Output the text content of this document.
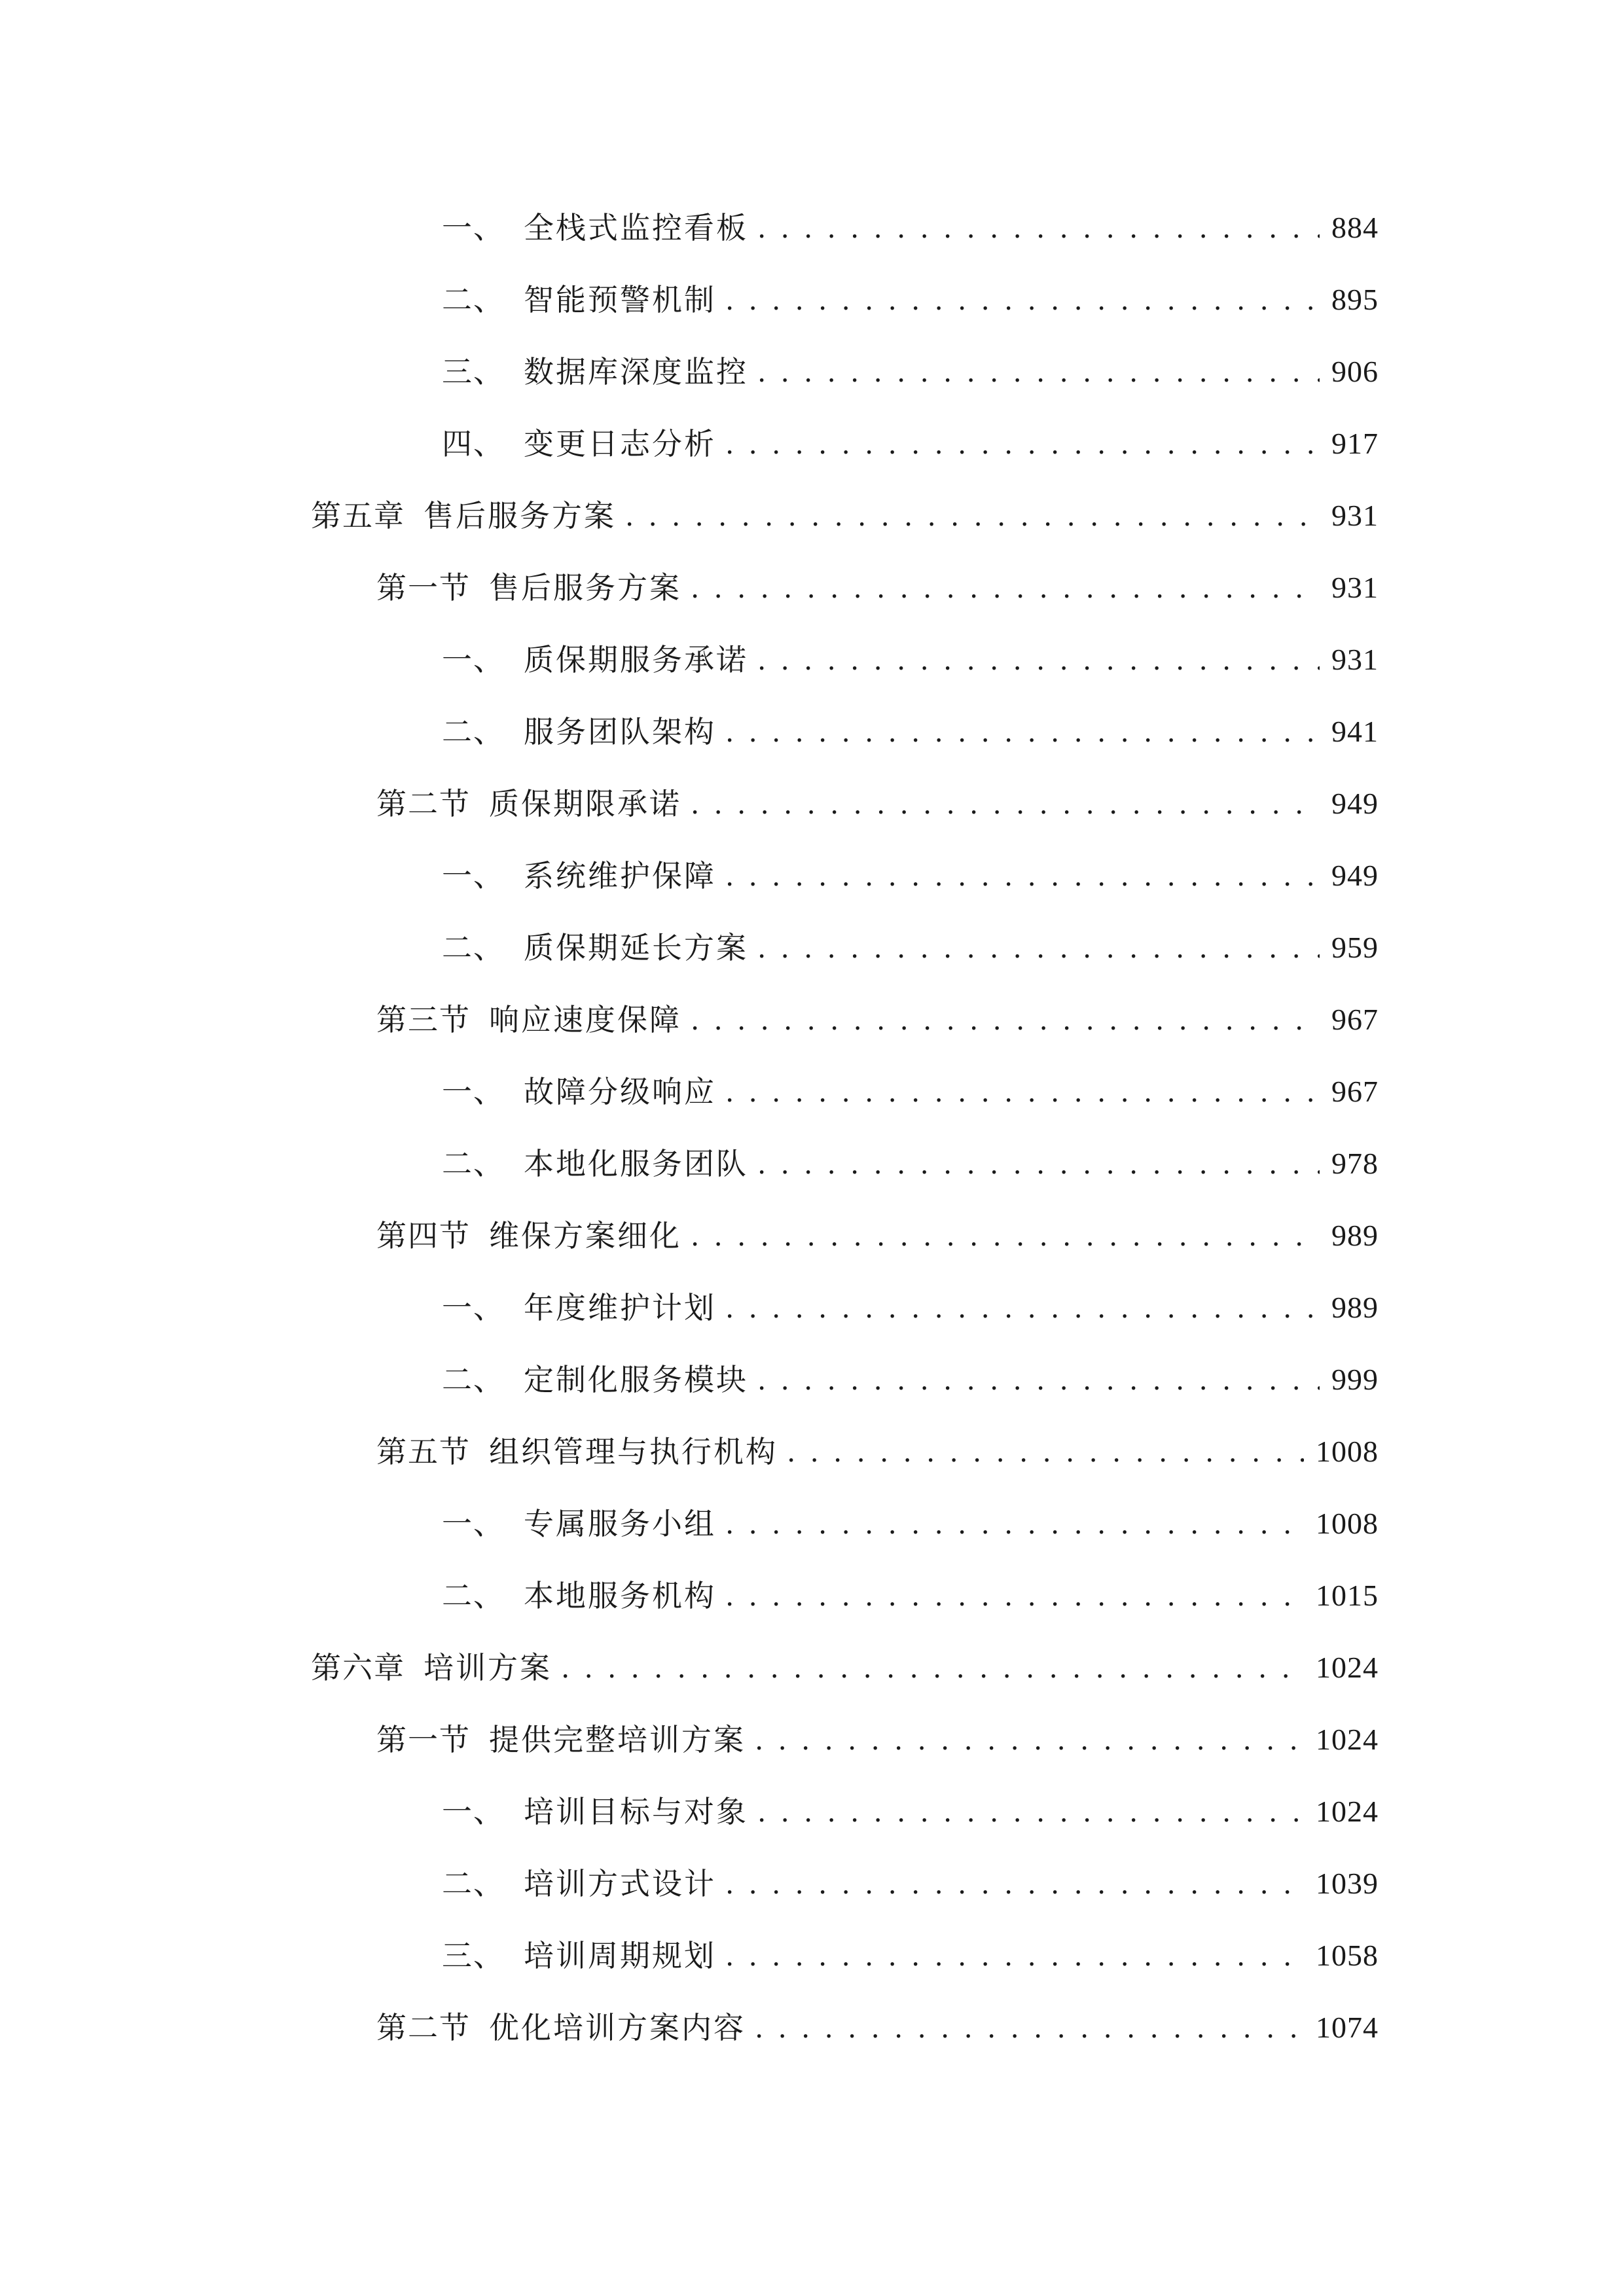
一、 全栈式监控看板 . . .	884
二、 智能预警机制 . . .	895
三、 数据库深度监控 . . .	906
四、 变更日志分析 . . .	917
第五章 售后服务方案 . . .	931
第一节 售后服务方案 . . .	931
一、 质保期服务承诺 . . .	931
二、 服务团队架构 . . .	941
第二节 质保期限承诺 . . .	949
一、 系统维护保障 . . .	949
二、 质保期延长方案 . . .	959
第三节 响应速度保障 . . .	967
一、 故障分级响应 . . .	967
二、 本地化服务团队 . . .	978
第四节 维保方案细化 . . .	989
一、 年度维护计划 . . .	989
二、 定制化服务模块 . . .	999
第五节 组织管理与执行机构 . . .	1008
一、 专属服务小组 . . .	1008
二、 本地服务机构 . . .	1015
第六章 培训方案 . . .	1024
第一节 提供完整培训方案 . . .	1024
一、 培训目标与对象 . . .	1024
二、 培训方式设计 . . .	1039
三、 培训周期规划 . . .	1058
第二节 优化培训方案内容 . . .	1074
